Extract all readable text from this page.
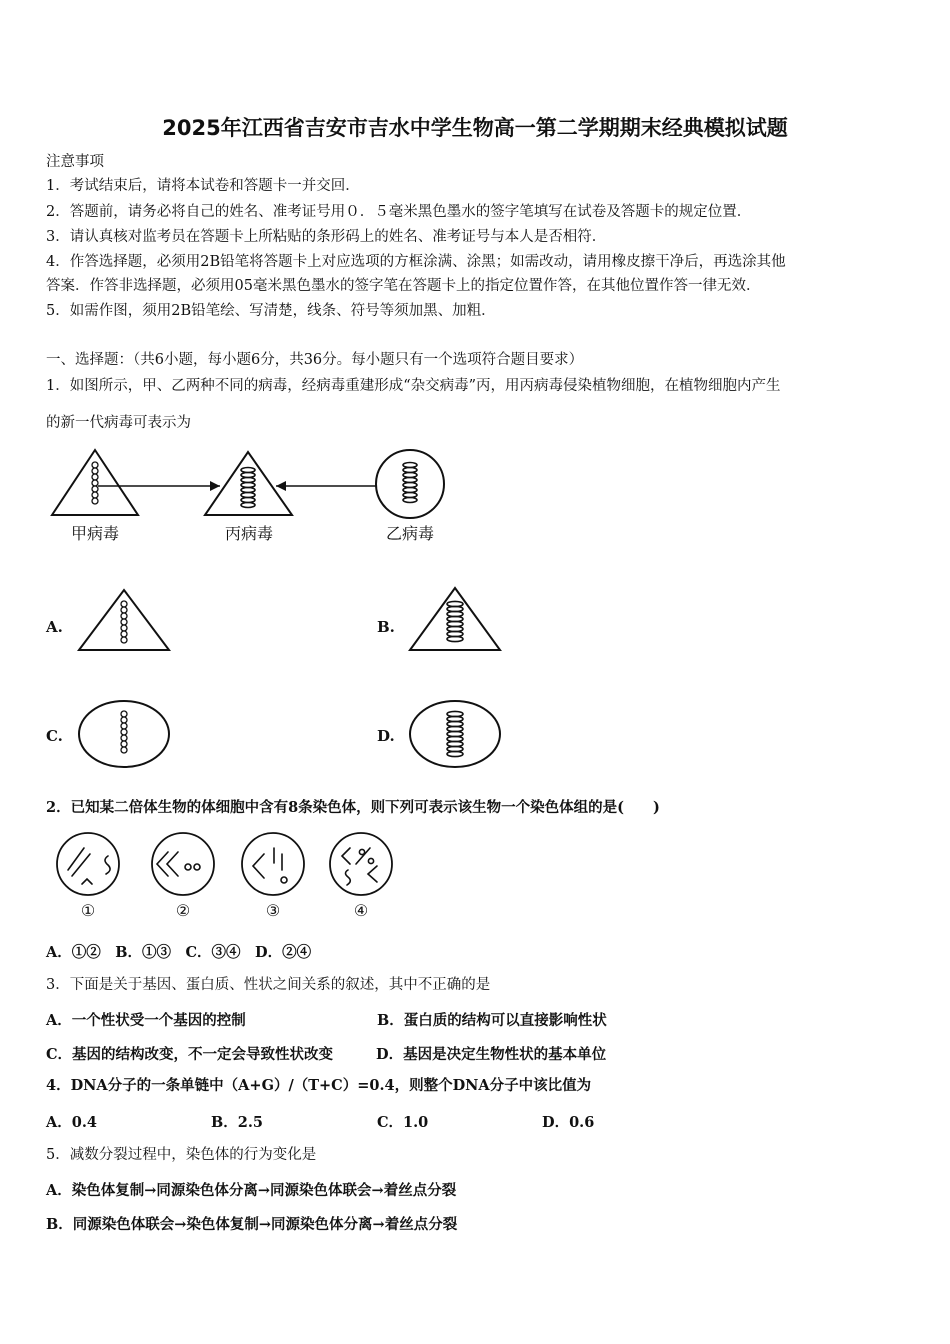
2025年江西省吉安市吉水中学生物高一第二学期期末经典模拟试题
注意事项
1．考试结束后，请将本试卷和答题卡一并交回．
2．答题前，请务必将自己的姓名、准考证号用０．５毫米黑色墨水的签字笔填写在试卷及答题卡的规定位置．
3．请认真核对监考员在答题卡上所粘贴的条形码上的姓名、准考证号与本人是否相符．
4．作答选择题，必须用2B铅笔将答题卡上对应选项的方框涂满、涂黑；如需改动，请用橡皮擦干净后，再选涂其他
答案．作答非选择题，必须用05毫米黑色墨水的签字笔在答题卡上的指定位置作答，在其他位置作答一律无效．
5．如需作图，须用2B铅笔绘、写清楚，线条、符号等须加黑、加粗．
一、选择题：（共6小题，每小题6分，共36分。每小题只有一个选项符合题目要求）
1．如图所示，甲、乙两种不同的病毒，经病毒重建形成“杂交病毒”丙，用丙病毒侵染植物细胞，在植物细胞内产生
的新一代病毒可表示为
甲病毒	丙病毒	乙病毒
A.	B.
C.	D.
2．已知某二倍体生物的体细胞中含有8条染色体，则下列可表示该生物一个染色体组的是(　　)
①	②	③	④
A．①②　B．①③　C．③④　D．②④
3．下面是关于基因、蛋白质、性状之间关系的叙述，其中不正确的是
A．一个性状受一个基因的控制	B．蛋白质的结构可以直接影响性状
C．基因的结构改变，不一定会导致性状改变	D．基因是决定生物性状的基本单位
4．DNA分子的一条单链中（A+G）/（T+C）=0.4，则整个DNA分子中该比值为
A．0.4	B．2.5	C．1.0	D．0.6
5．减数分裂过程中，染色体的行为变化是
A．染色体复制→同源染色体分离→同源染色体联会→着丝点分裂
B．同源染色体联会→染色体复制→同源染色体分离→着丝点分裂
